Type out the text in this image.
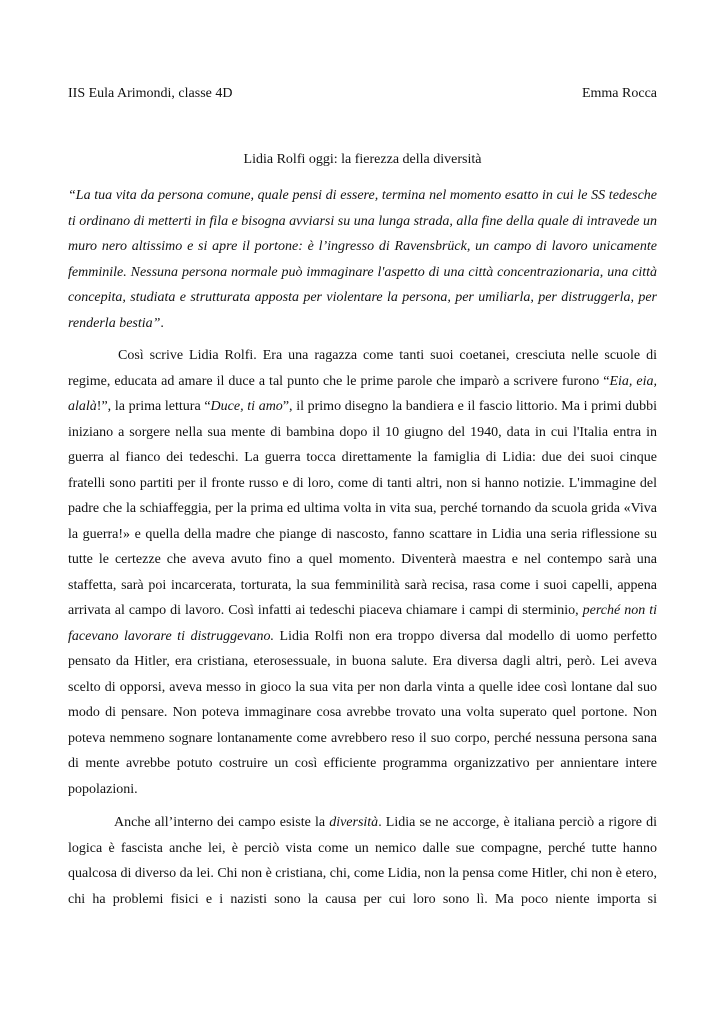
IIS Eula Arimondi, classe 4D	Emma Rocca
Lidia Rolfi oggi: la fierezza della diversità

“La tua vita da persona comune, quale pensi di essere, termina nel momento esatto in cui le SS tedesche ti ordinano di metterti in fila e bisogna avviarsi su una lunga strada, alla fine della quale di intravede un muro nero altissimo e si apre il portone: è l’ingresso di Ravensbrück, un campo di lavoro unicamente femminile. Nessuna persona normale può immaginare l'aspetto di una città concentrazionaria, una città concepita, studiata e strutturata apposta per violentare la persona, per umiliarla, per distruggerla, per renderla bestia”.

Così scrive Lidia Rolfi. Era una ragazza come tanti suoi coetanei, cresciuta nelle scuole di regime, educata ad amare il duce a tal punto che le prime parole che imparò a scrivere furono “Eia, eia, alalà!”, la prima lettura “Duce, ti amo”, il primo disegno la bandiera e il fascio littorio. Ma i primi dubbi iniziano a sorgere nella sua mente di bambina dopo il 10 giugno del 1940, data in cui l'Italia entra in guerra al fianco dei tedeschi. La guerra tocca direttamente la famiglia di Lidia: due dei suoi cinque fratelli sono partiti per il fronte russo e di loro, come di tanti altri, non si hanno notizie. L'immagine del padre che la schiaffeggia, per la prima ed ultima volta in vita sua, perché tornando da scuola grida «Viva la guerra!» e quella della madre che piange di nascosto, fanno scattare in Lidia una seria riflessione su tutte le certezze che aveva avuto fino a quel momento. Diventerà maestra e nel contempo sarà una staffetta, sarà poi incarcerata, torturata, la sua femminilità sarà recisa, rasa come i suoi capelli, appena arrivata al campo di lavoro. Così infatti ai tedeschi piaceva chiamare i campi di sterminio, perché non ti facevano lavorare ti distruggevano. Lidia Rolfi non era troppo diversa dal modello di uomo perfetto pensato da Hitler, era cristiana, eterosessuale, in buona salute. Era diversa dagli altri, però. Lei aveva scelto di opporsi, aveva messo in gioco la sua vita per non darla vinta a quelle idee così lontane dal suo modo di pensare. Non poteva immaginare cosa avrebbe trovato una volta superato quel portone. Non poteva nemmeno sognare lontanamente come avrebbero reso il suo corpo, perché nessuna persona sana di mente avrebbe potuto costruire un così efficiente programma organizzativo per annientare intere popolazioni.

Anche all’interno dei campo esiste la diversità. Lidia se ne accorge, è italiana perciò a rigore di logica è fascista anche lei, è perciò vista come un nemico dalle sue compagne, perché tutte hanno qualcosa di diverso da lei. Chi non è cristiana, chi, come Lidia, non la pensa come Hitler, chi non è etero, chi ha problemi fisici e i nazisti sono la causa per cui loro sono lì. Ma poco niente importa si
